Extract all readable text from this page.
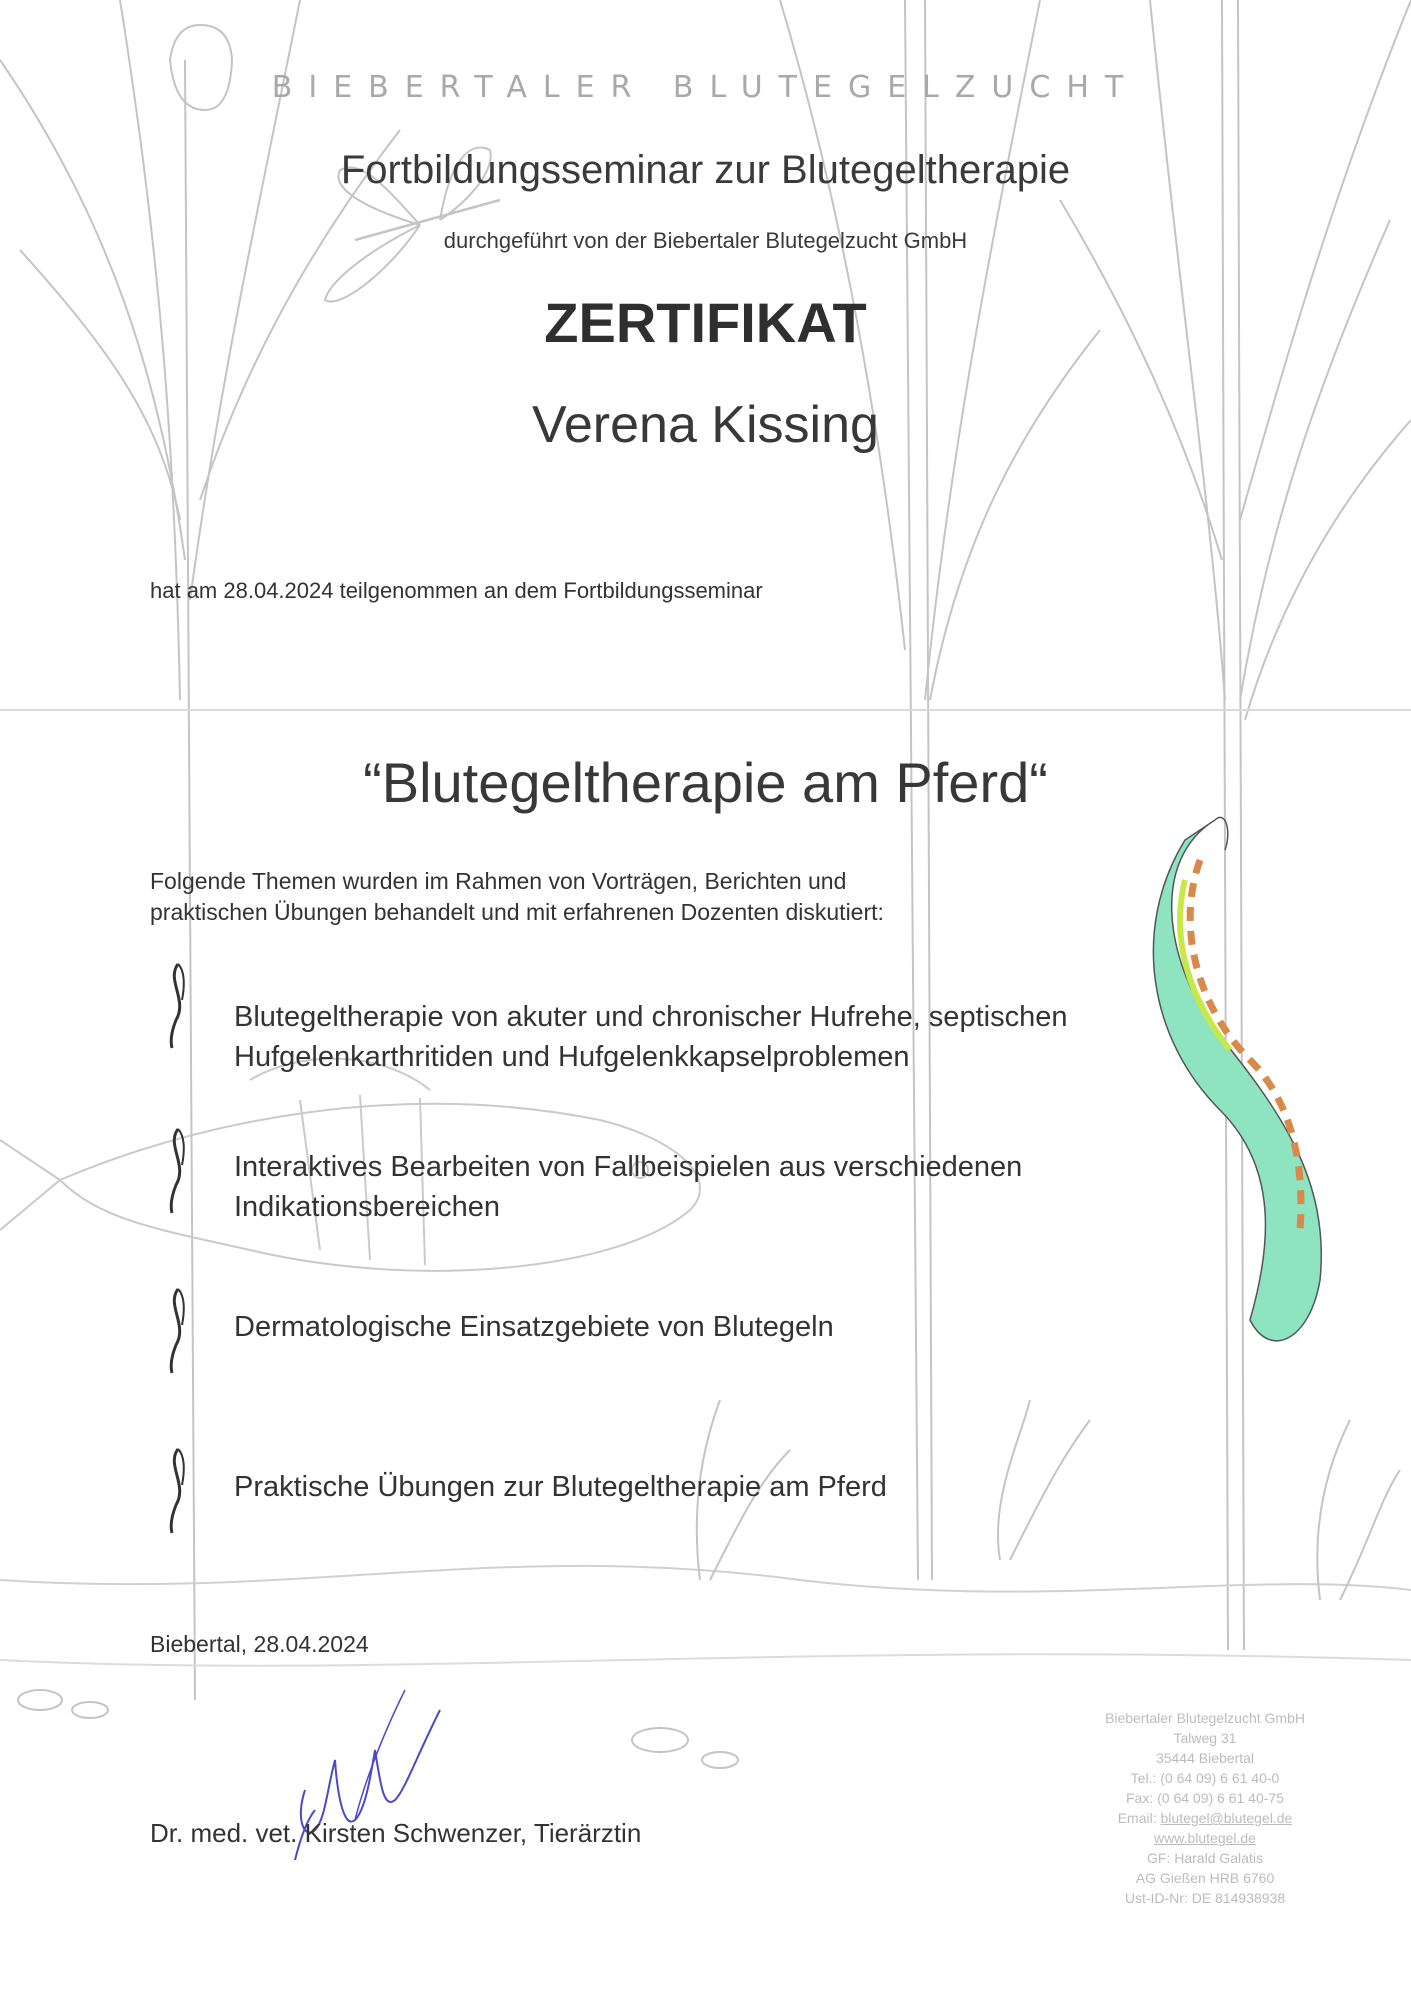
BIEBERTALER BLUTEGELZUCHT
Fortbildungsseminar zur Blutegeltherapie
durchgeführt von der Biebertaler Blutegelzucht GmbH
ZERTIFIKAT
Verena Kissing
hat am 28.04.2024 teilgenommen an dem Fortbildungsseminar
“Blutegeltherapie am Pferd“
Folgende Themen wurden im Rahmen von Vorträgen, Berichten und
praktischen Übungen behandelt und mit erfahrenen Dozenten diskutiert:
Blutegeltherapie von akuter und chronischer Hufrehe, septischen
Hufgelenkarthritiden und Hufgelenkkapselproblemen
Interaktives Bearbeiten von Fallbeispielen aus verschiedenen
Indikationsbereichen
Dermatologische Einsatzgebiete von Blutegeln
Praktische Übungen zur Blutegeltherapie am Pferd
Biebertal, 28.04.2024
Dr. med. vet. Kirsten Schwenzer, Tierärztin
Biebertaler Blutegelzucht GmbH
Talweg 31
35444 Biebertal
Tel.: (0 64 09) 6 61 40-0
Fax: (0 64 09) 6 61 40-75
Email: blutegel@blutegel.de
www.blutegel.de
GF: Harald Galatis
AG Gießen HRB 6760
Ust-ID-Nr: DE 814938938
